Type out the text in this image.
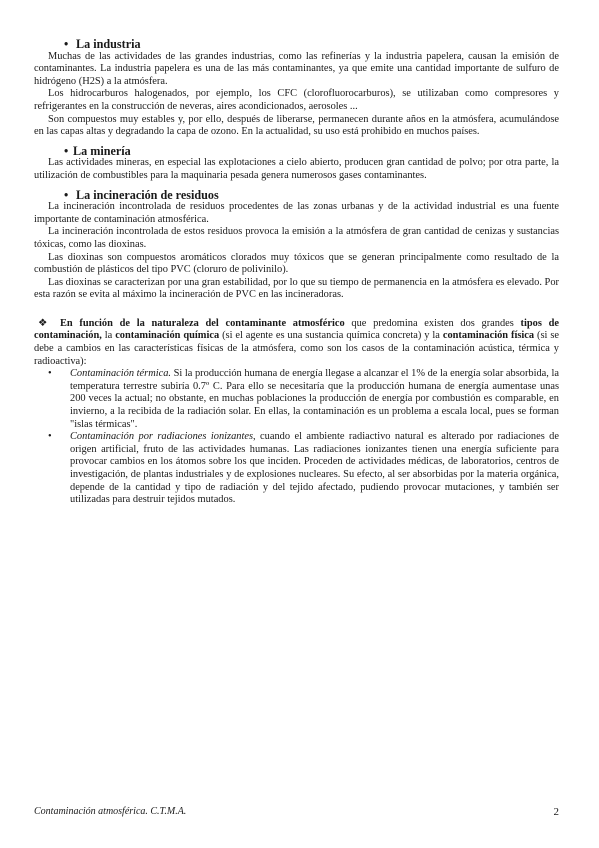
• La industria

Muchas de las actividades de las grandes industrias, como las refinerías y la industria papelera, causan la emisión de contaminantes. La industria papelera es una de las más contaminantes, ya que emite una cantidad importante de sulfuro de hidrógeno (H2S) a la atmósfera.

Los hidrocarburos halogenados, por ejemplo, los CFC (clorofluorocarburos), se utilizaban como compresores y refrigerantes en la construcción de neveras, aires acondicionados, aerosoles ...

Son compuestos muy estables y, por ello, después de liberarse, permanecen durante años en la atmósfera, acumulándose en las capas altas y degradando la capa de ozono. En la actualidad, su uso está prohibido en muchos países.

• La minería

Las actividades mineras, en especial las explotaciones a cielo abierto, producen gran cantidad de polvo; por otra parte, la utilización de combustibles para la maquinaria pesada genera numerosos gases contaminantes.

• La incineración de residuos

La incineración incontrolada de residuos procedentes de las zonas urbanas y de la actividad industrial es una fuente importante de contaminación atmosférica.

La incineración incontrolada de estos residuos provoca la emisión a la atmósfera de gran cantidad de cenizas y sustancias tóxicas, como las dioxinas.

Las dioxinas son compuestos aromáticos clorados muy tóxicos que se generan principalmente como resultado de la combustión de plásticos del tipo PVC (cloruro de polivinilo).

Las dioxinas se caracterizan por una gran estabilidad, por lo que su tiempo de permanencia en la atmósfera es elevado. Por esta razón se evita al máximo la incineración de PVC en las incineradoras.

❖ En función de la naturaleza del contaminante atmosférico que predomina existen dos grandes tipos de contaminación, la contaminación química (si el agente es una sustancia química concreta) y la contaminación física (si se debe a cambios en las características físicas de la atmósfera, como son los casos de la contaminación acústica, térmica y radioactiva):

• Contaminación térmica. Si la producción humana de energía llegase a alcanzar el 1% de la energía solar absorbida, la temperatura terrestre subiría 0.7º C. Para ello se necesitaría que la producción humana de energía aumentase unas 200 veces la actual; no obstante, en muchas poblaciones la producción de energía por combustión es comparable, en invierno, a la recibida de la radiación solar. En ellas, la contaminación es un problema a escala local, pues se forman "islas térmicas".
• Contaminación por radiaciones ionizantes, cuando el ambiente radiactivo natural es alterado por radiaciones de origen artificial, fruto de las actividades humanas. Las radiaciones ionizantes tienen una energía suficiente para provocar cambios en los átomos sobre los que inciden. Proceden de actividades médicas, de laboratorios, centros de investigación, de plantas industriales y de explosiones nucleares. Su efecto, al ser absorbidas por la materia orgánica, depende de la cantidad y tipo de radiación y del tejido afectado, pudiendo provocar mutaciones, y también ser utilizadas para destruir tejidos mutados.
Contaminación atmosférica. C.T.M.A.	2
